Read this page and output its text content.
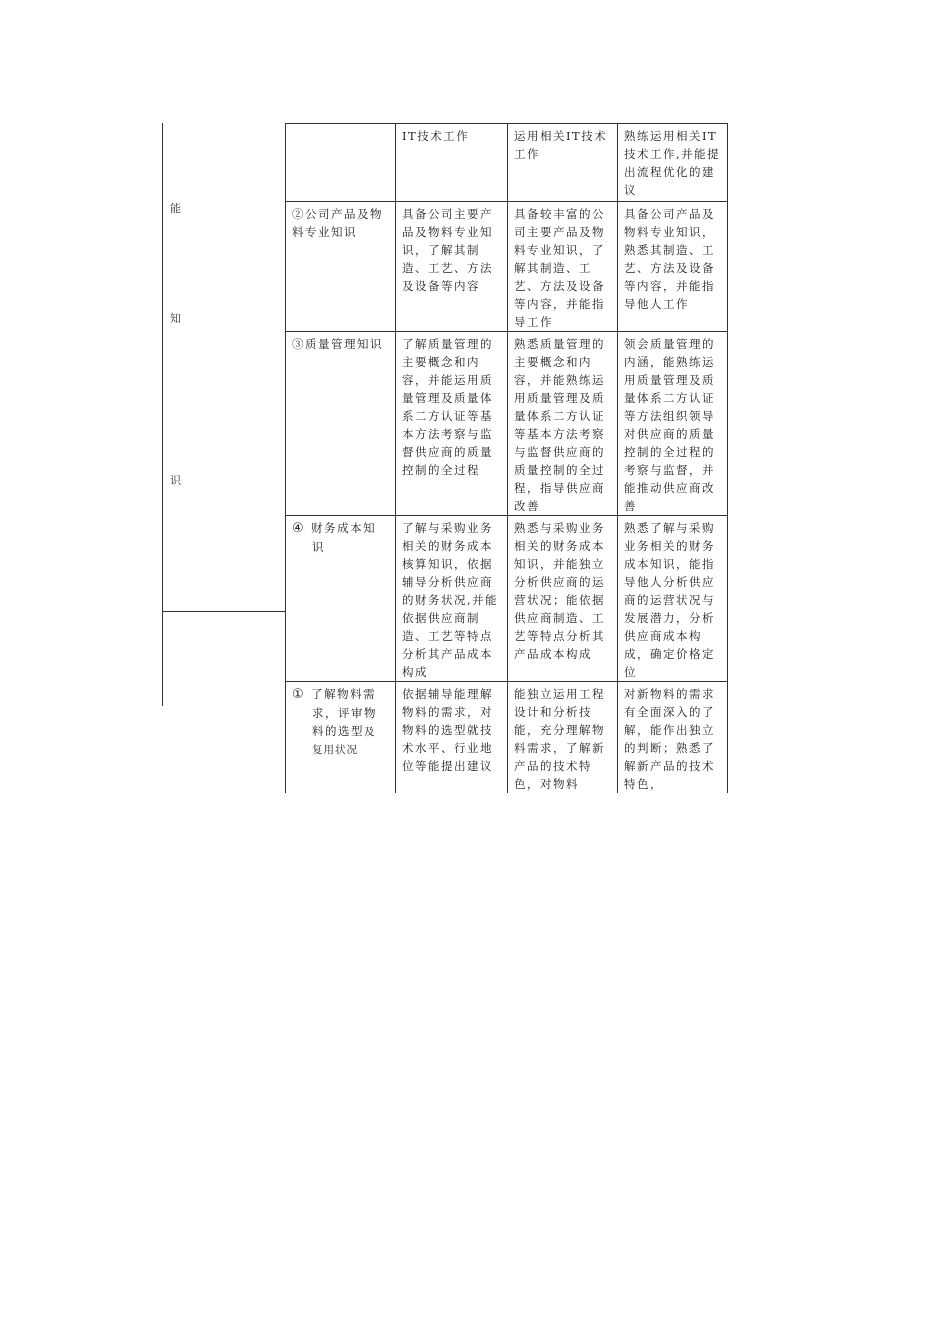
能
知
识
	IT技术工作	运用相关IT技术工作	熟练运用相关IT技术工作,并能提出流程优化的建议
②公司产品及物料专业知识	具备公司主要产品及物料专业知识，了解其制造、工艺、方法及设备等内容	具备较丰富的公司主要产品及物料专业知识，了解其制造、工艺、方法及设备等内容，并能指导工作	具备公司产品及物料专业知识，熟悉其制造、工艺、方法及设备等内容，并能指导他人工作
③质量管理知识	了解质量管理的主要概念和内容，并能运用质量管理及质量体系二方认证等基本方法考察与监督供应商的质量控制的全过程	熟悉质量管理的主要概念和内容，并能熟练运用质量管理及质量体系二方认证等基本方法考察与监督供应商的质量控制的全过程，指导供应商改善	领会质量管理的内涵，能熟练运用质量管理及质量体系二方认证等方法组织领导对供应商的质量控制的全过程的考察与监督，并能推动供应商改善
④ 财务成本知
识	了解与采购业务相关的财务成本核算知识，依据辅导分析供应商的财务状况,并能依据供应商制造、工艺等特点分析其产品成本构成	熟悉与采购业务相关的财务成本知识，并能独立分析供应商的运营状况；能依据供应商制造、工艺等特点分析其产品成本构成	熟悉了解与采购业务相关的财务成本知识，能指导他人分析供应商的运营状况与发展潜力，分析供应商成本构成，确定价格定位
① 了解物料需
求，评审物
料的选型及
复用状况	依据辅导能理解物料的需求，对物料的选型就技术水平、行业地位等能提出建议	能独立运用工程设计和分析技能，充分理解物料需求，了解新产品的技术特色，对物料	对新物料的需求有全面深入的了解，能作出独立的判断；熟悉了解新产品的技术特色，
